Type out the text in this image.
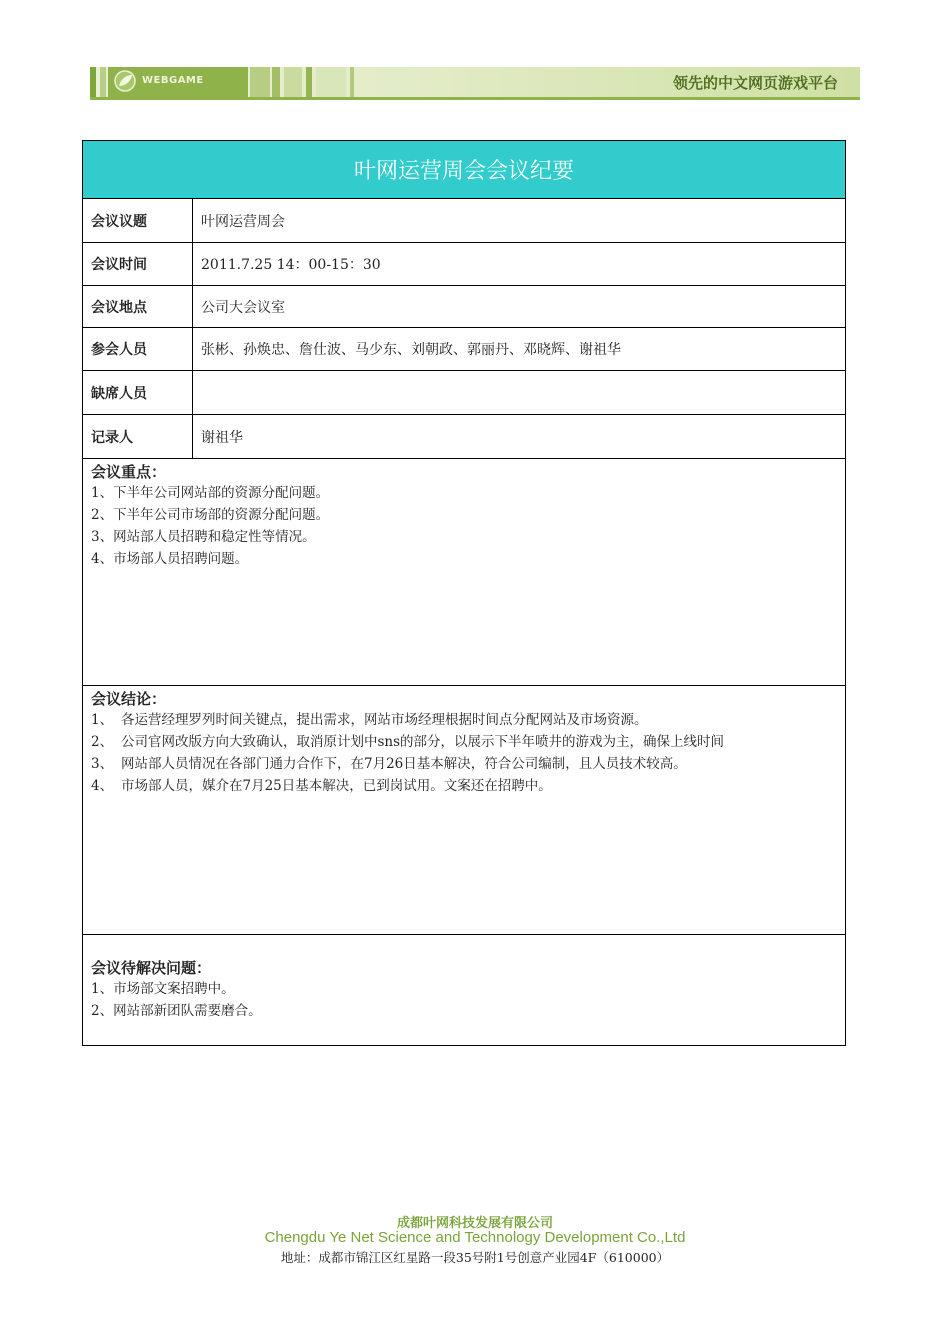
WEBGAME	领先的中文网页游戏平台
叶网运营周会会议纪要
会议议题	叶网运营周会
会议时间	2011.7.25 14：00-15：30
会议地点	公司大会议室
参会人员	张彬、孙焕忠、詹仕波、马少东、刘朝政、郭丽丹、邓晓辉、谢祖华
缺席人员
记录人	谢祖华
会议重点：
1、下半年公司网站部的资源分配问题。
2、下半年公司市场部的资源分配问题。
3、网站部人员招聘和稳定性等情况。
4、市场部人员招聘问题。
会议结论：
1、 各运营经理罗列时间关键点，提出需求，网站市场经理根据时间点分配网站及市场资源。
2、 公司官网改版方向大致确认，取消原计划中sns的部分，以展示下半年喷井的游戏为主，确保上线时间
3、 网站部人员情况在各部门通力合作下，在7月26日基本解决，符合公司编制，且人员技术较高。
4、 市场部人员，媒介在7月25日基本解决，已到岗试用。文案还在招聘中。
会议待解决问题：
1、市场部文案招聘中。
2、网站部新团队需要磨合。
成都叶网科技发展有限公司
Chengdu Ye Net Science and Technology Development Co.,Ltd
地址：成都市锦江区红星路一段35号附1号创意产业园4F（610000）
